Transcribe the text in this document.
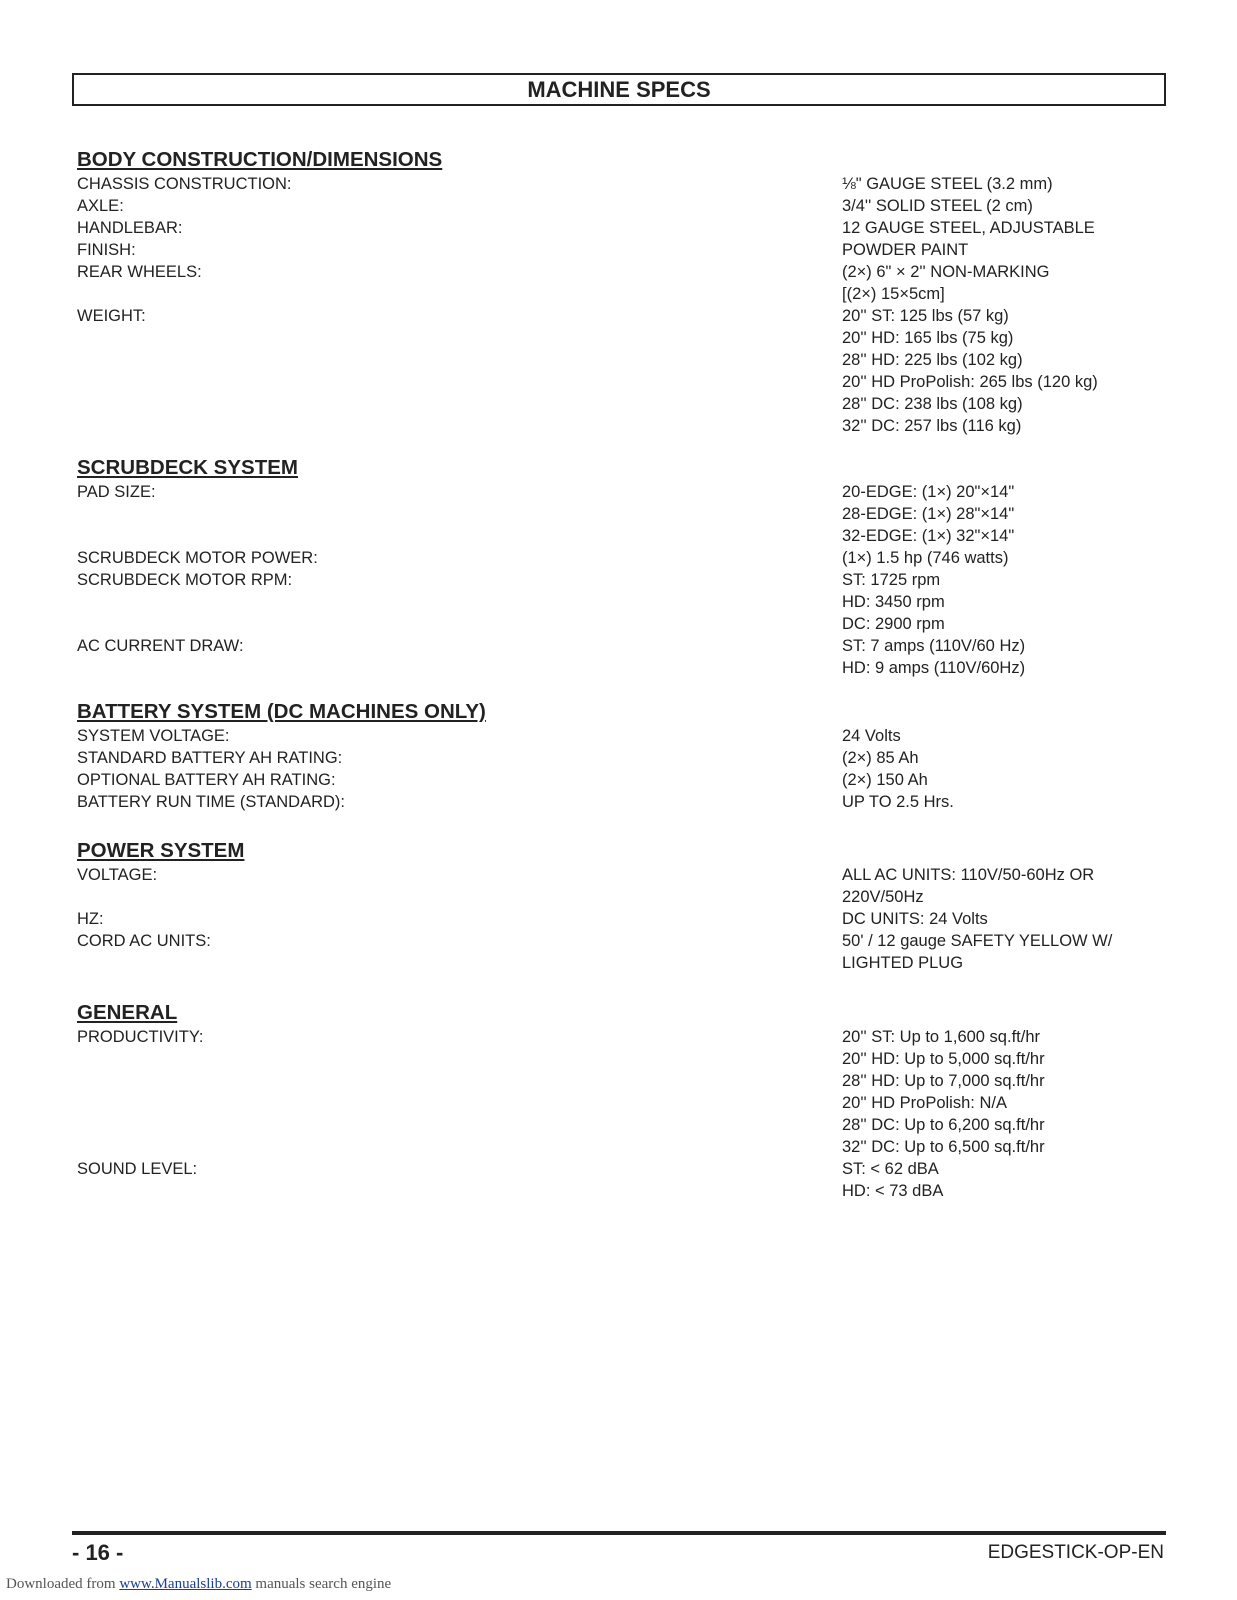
MACHINE SPECS
BODY CONSTRUCTION/DIMENSIONS
CHASSIS CONSTRUCTION:	⅛" GAUGE STEEL (3.2 mm)
AXLE:	3/4'' SOLID STEEL (2 cm)
HANDLEBAR:	12 GAUGE STEEL, ADJUSTABLE
FINISH:	POWDER PAINT
REAR WHEELS:	(2×) 6" × 2'' NON-MARKING
[(2×) 15×5cm]
WEIGHT:	20'' ST: 125 lbs (57 kg)
20'' HD: 165 lbs (75 kg)
28'' HD: 225 lbs (102 kg)
20'' HD ProPolish: 265 lbs (120 kg)
28'' DC: 238 lbs (108 kg)
32'' DC: 257 lbs (116 kg)
SCRUBDECK SYSTEM
PAD SIZE:	20-EDGE: (1×) 20"×14"
28-EDGE: (1×) 28"×14"
32-EDGE: (1×) 32"×14"
SCRUBDECK MOTOR POWER:	(1×) 1.5 hp (746 watts)
SCRUBDECK MOTOR RPM:	ST: 1725 rpm
HD: 3450 rpm
DC: 2900 rpm
AC CURRENT DRAW:	ST: 7 amps (110V/60 Hz)
HD: 9 amps (110V/60Hz)
BATTERY SYSTEM (DC MACHINES ONLY)
SYSTEM VOLTAGE:	24 Volts
STANDARD BATTERY AH RATING:	(2×) 85 Ah
OPTIONAL BATTERY AH RATING:	(2×) 150 Ah
BATTERY RUN TIME (STANDARD):	UP TO 2.5 Hrs.
POWER SYSTEM
VOLTAGE:	ALL AC UNITS: 110V/50-60Hz OR
220V/50Hz
HZ:	DC UNITS: 24 Volts
CORD AC UNITS:	50' / 12 gauge SAFETY YELLOW W/
LIGHTED PLUG
GENERAL
PRODUCTIVITY:	20'' ST: Up to 1,600 sq.ft/hr
20'' HD: Up to 5,000 sq.ft/hr
28'' HD: Up to 7,000 sq.ft/hr
20'' HD ProPolish: N/A
28'' DC: Up to 6,200 sq.ft/hr
32'' DC: Up to 6,500 sq.ft/hr
SOUND LEVEL:	ST: < 62 dBA
HD: < 73 dBA
- 16 -	EDGESTICK-OP-EN
Downloaded from www.Manualslib.com manuals search engine
